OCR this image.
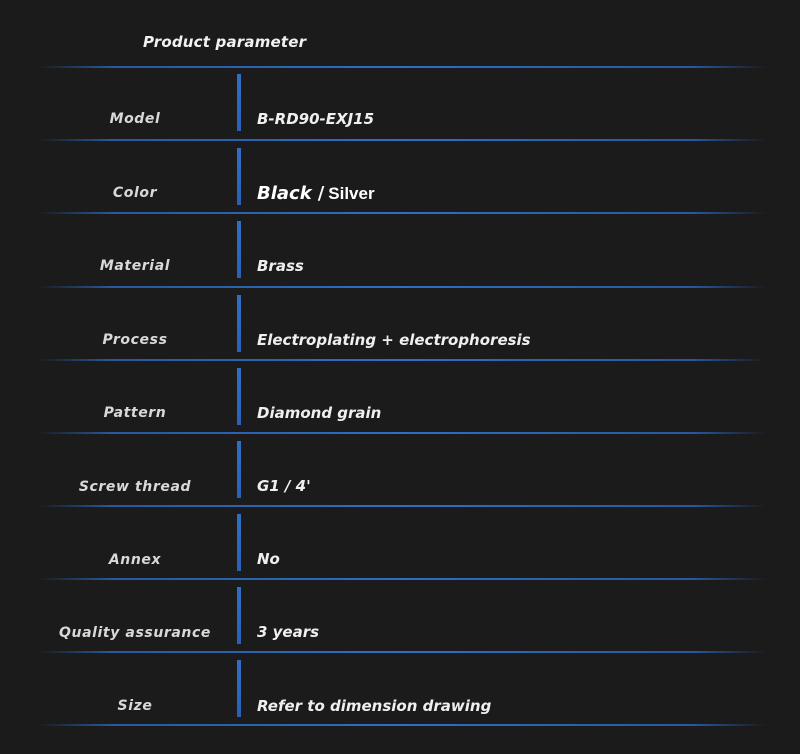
Product parameter
Model	B-RD90-EXJ15
Color	Black / Silver
Material	Brass
Process	Electroplating + electrophoresis
Pattern	Diamond grain
Screw thread	G1 / 4'
Annex	No
Quality assurance	3 years
Size	Refer to dimension drawing
